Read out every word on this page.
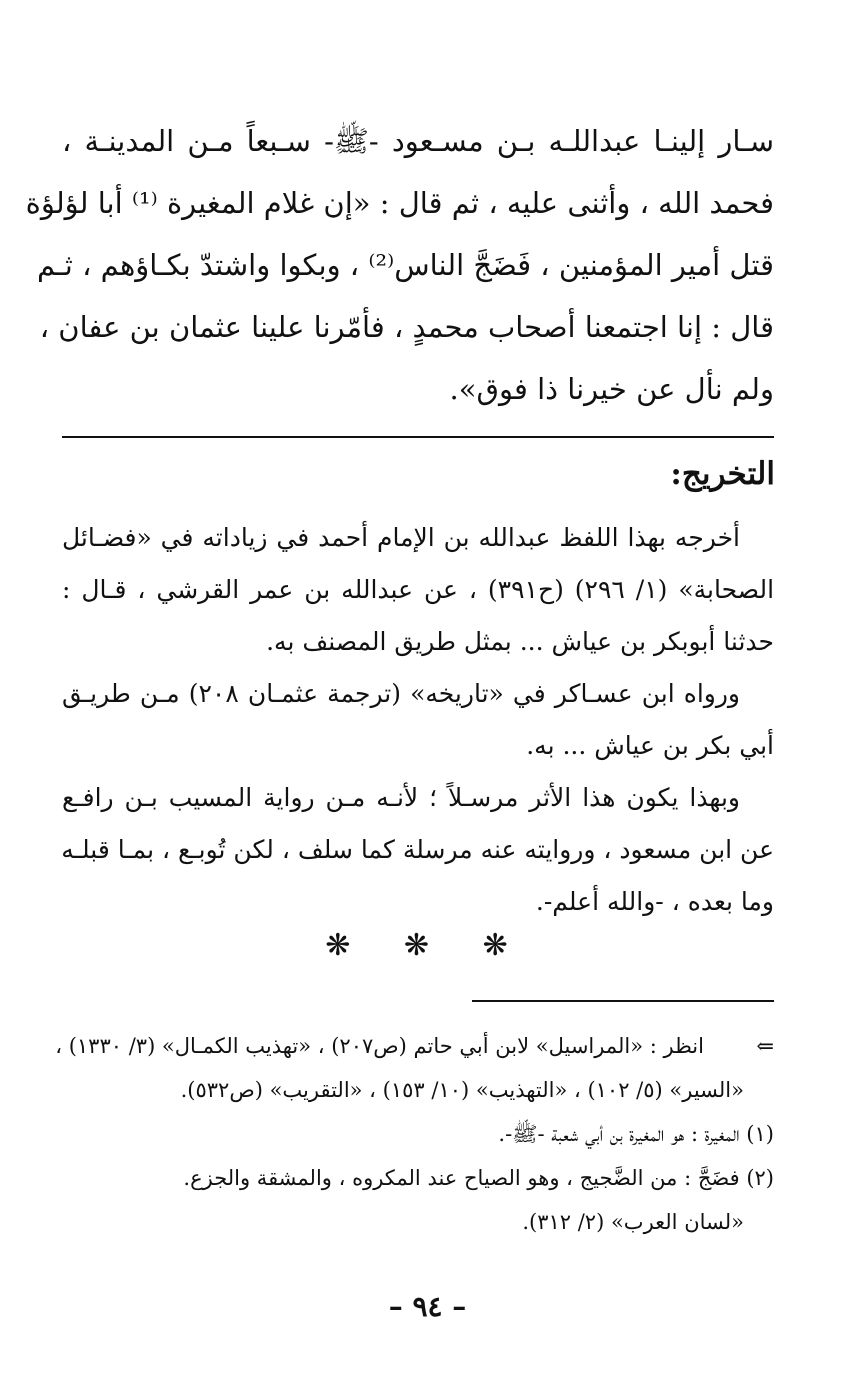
سـار إلينـا عبداللـه بـن مسـعود -ﷺ- سـبعاً مـن المدينـة ،
فحمد الله ، وأثنى عليه ، ثم قال : «إن غلام المغيرة ⁽¹⁾ أبا لؤلؤة
قتل أمير المؤمنين ، فَضَجَّ الناس⁽²⁾ ، وبكوا واشتدّ بكـاؤهم ، ثـم
قال : إنا اجتمعنا أصحاب محمدٍ ، فأمّرنا علينا عثمان بن عفان ،
ولم نأل عن خيرنا ذا فوق».
التخريج:
أخرجه بهذا اللفظ عبدالله بن الإمام أحمد في زياداته في «فضـائل
الصحابة» (١/ ٢٩٦) (ح٣٩١) ، عن عبدالله بن عمر القرشي ، قـال :
حدثنا أبوبكر بن عياش ... بمثل طريق المصنف به.
ورواه ابن عسـاكر في «تاريخه» (ترجمة عثمـان ٢٠٨) مـن طريـق
أبي بكر بن عياش ... به.
وبهذا يكون هذا الأثر مرسـلاً ؛ لأنـه مـن رواية المسيب بـن رافـع
عن ابن مسعود ، وروايته عنه مرسلة كما سلف ، لكن تُوبـع ، بمـا قبلـه
وما بعده ، -والله أعلم-.
❋ ❋ ❋
⇐انظر : «المراسيل» لابن أبي حاتم (ص٢٠٧) ، «تهذيب الكمـال» (٣/ ١٣٣٠) ،
«السير» (٥/ ١٠٢) ، «التهذيب» (١٠/ ١٥٣) ، «التقريب» (ص٥٣٢).
(١) المغيرة : هو المغيرة بن أبي شعبة -ﷺ-.
(٢) فضَجَّ : من الضَّجيج ، وهو الصياح عند المكروه ، والمشقة والجزع.
«لسان العرب» (٢/ ٣١٢).
– ٩٤ –
